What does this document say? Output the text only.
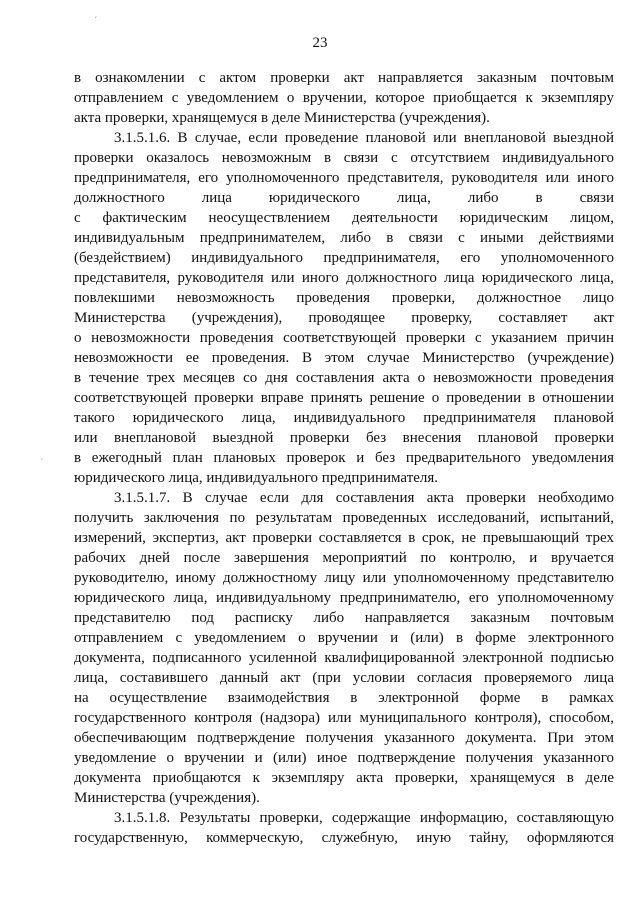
23
ˊ
ˋ
в ознакомлении с актом проверки акт направляется заказным почтовым
отправлением с уведомлением о вручении, которое приобщается к экземпляру
акта проверки, хранящемуся в деле Министерства (учреждения).
3.1.5.1.6. В случае, если проведение плановой или внеплановой выездной
проверки оказалось невозможным в связи с отсутствием индивидуального
предпринимателя, его уполномоченного представителя, руководителя или иного
должностного лица юридического лица, либо в связи
с фактическим неосуществлением деятельности юридическим лицом,
индивидуальным предпринимателем, либо в связи с иными действиями
(бездействием) индивидуального предпринимателя, его уполномоченного
представителя, руководителя или иного должностного лица юридического лица,
повлекшими невозможность проведения проверки, должностное лицо
Министерства (учреждения), проводящее проверку, составляет акт
о невозможности проведения соответствующей проверки с указанием причин
невозможности ее проведения. В этом случае Министерство (учреждение)
в течение трех месяцев со дня составления акта о невозможности проведения
соответствующей проверки вправе принять решение о проведении в отношении
такого юридического лица, индивидуального предпринимателя плановой
или внеплановой выездной проверки без внесения плановой проверки
в ежегодный план плановых проверок и без предварительного уведомления
юридического лица, индивидуального предпринимателя.
3.1.5.1.7. В случае если для составления акта проверки необходимо
получить заключения по результатам проведенных исследований, испытаний,
измерений, экспертиз, акт проверки составляется в срок, не превышающий трех
рабочих дней после завершения мероприятий по контролю, и вручается
руководителю, иному должностному лицу или уполномоченному представителю
юридического лица, индивидуальному предпринимателю, его уполномоченному
представителю под расписку либо направляется заказным почтовым
отправлением с уведомлением о вручении и (или) в форме электронного
документа, подписанного усиленной квалифицированной электронной подписью
лица, составившего данный акт (при условии согласия проверяемого лица
на осуществление взаимодействия в электронной форме в рамках
государственного контроля (надзора) или муниципального контроля), способом,
обеспечивающим подтверждение получения указанного документа. При этом
уведомление о вручении и (или) иное подтверждение получения указанного
документа приобщаются к экземпляру акта проверки, хранящемуся в деле
Министерства (учреждения).
3.1.5.1.8. Результаты проверки, содержащие информацию, составляющую
государственную, коммерческую, служебную, иную тайну, оформляются
